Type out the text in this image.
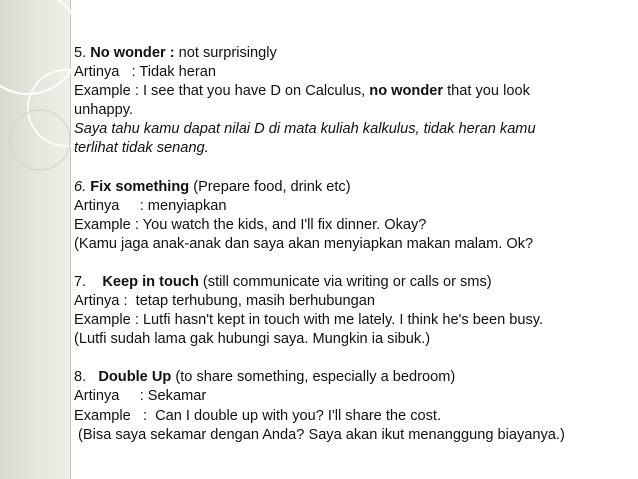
5. No wonder : not surprisingly
Artinya   : Tidak heran
Example : I see that you have D on Calculus, no wonder that you look
unhappy.
Saya tahu kamu dapat nilai D di mata kuliah kalkulus, tidak heran kamu
terlihat tidak senang.
6. Fix something (Prepare food, drink etc)
Artinya     : menyiapkan
Example : You watch the kids, and I'll fix dinner. Okay?
(Kamu jaga anak-anak dan saya akan menyiapkan makan malam. Ok?
7. Keep in touch (still communicate via writing or calls or sms)
Artinya :  tetap terhubung, masih berhubungan
Example : Lutfi hasn't kept in touch with me lately. I think he's been busy.
(Lutfi sudah lama gak hubungi saya. Mungkin ia sibuk.)
8. Double Up (to share something, especially a bedroom)
Artinya     : Sekamar
Example   :  Can I double up with you? I'll share the cost.
(Bisa saya sekamar dengan Anda? Saya akan ikut menanggung biayanya.)
